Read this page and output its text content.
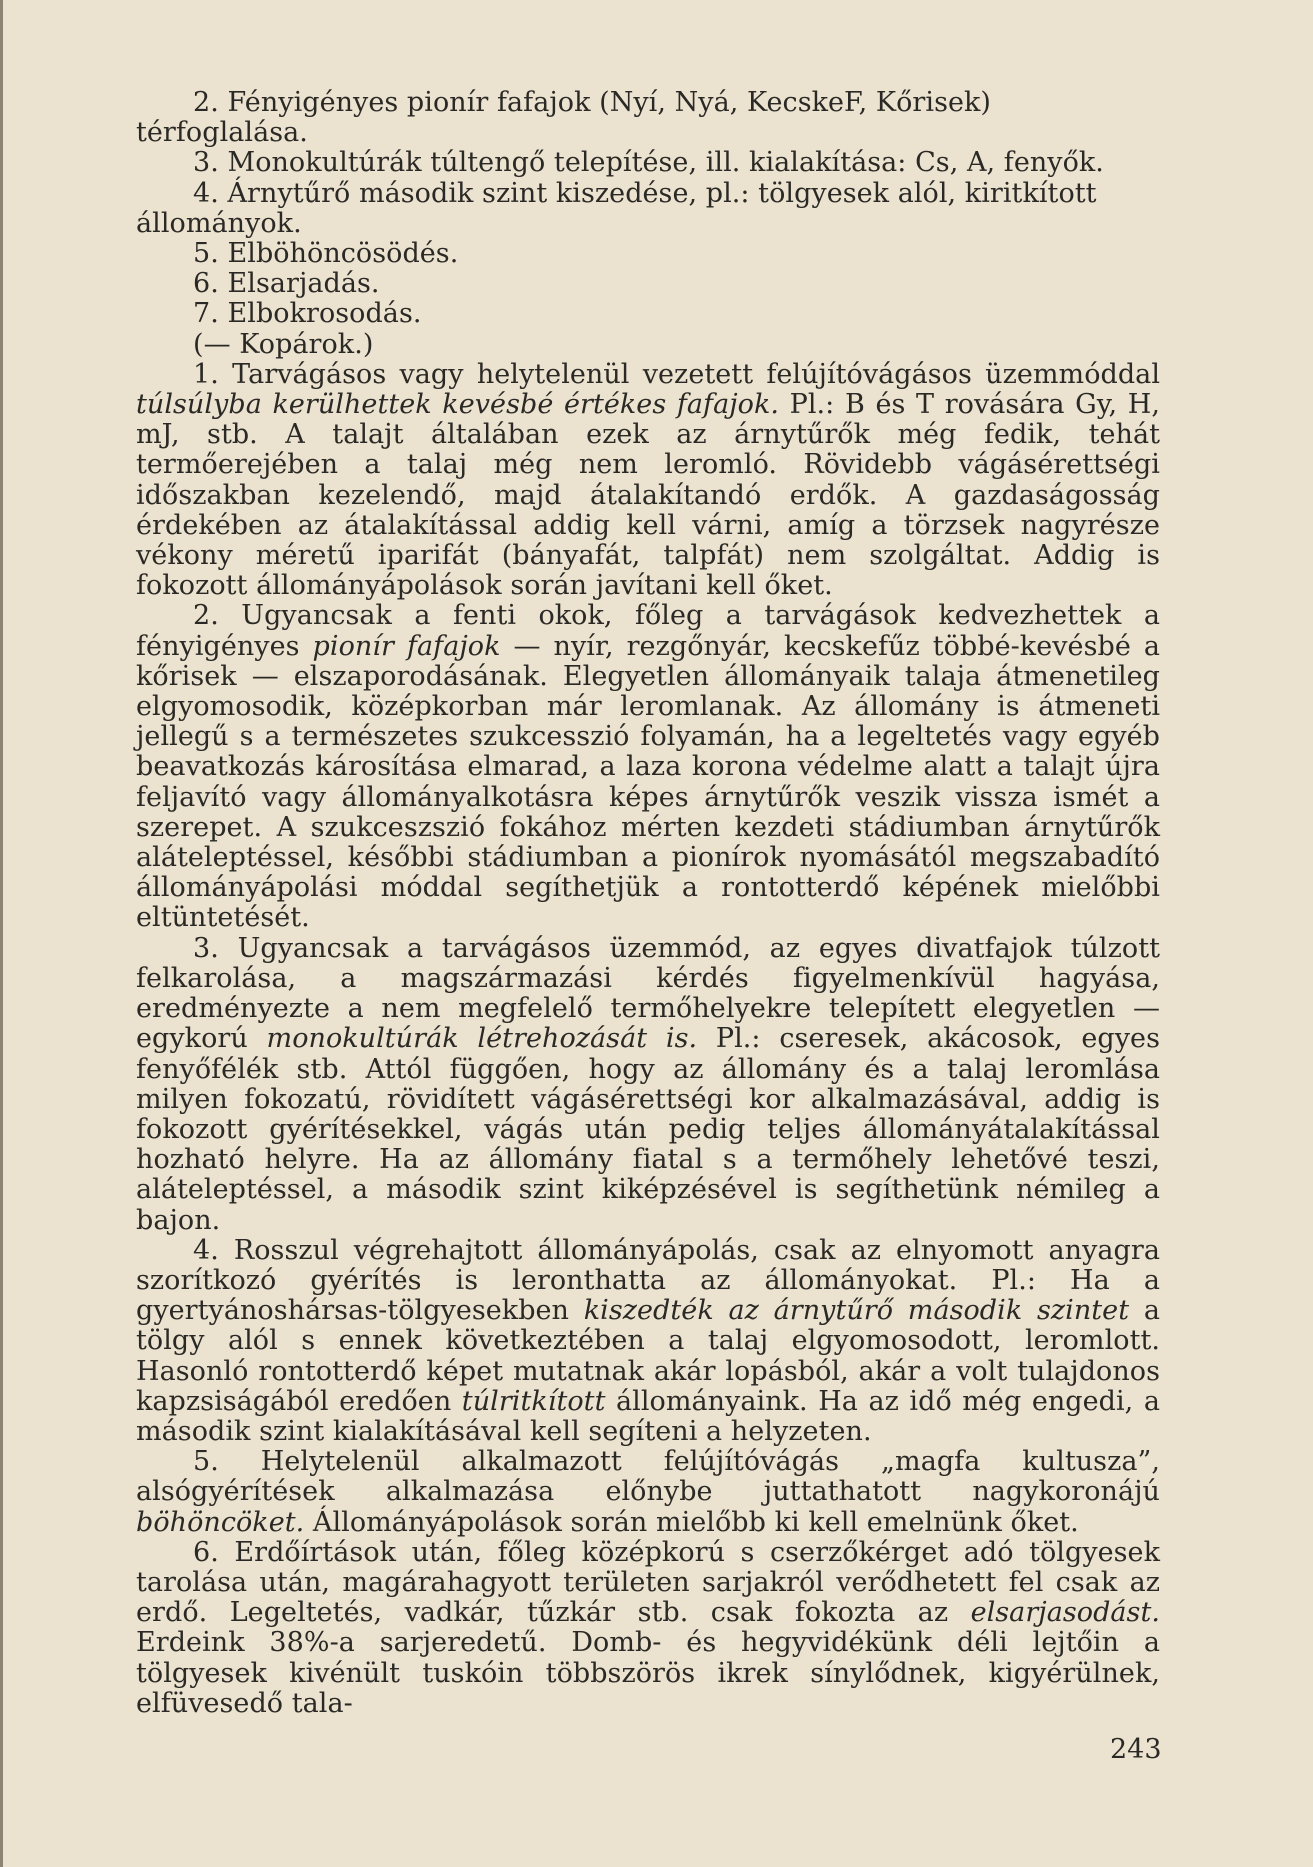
2. Fényigényes pionír fafajok (Nyí, Nyá, KecskeF, Kőrisek) térfoglalása.

3. Monokultúrák túltengő telepítése, ill. kialakítása: Cs, A, fenyők.

4. Árnytűrő második szint kiszedése, pl.: tölgyesek alól, kiritkított állományok.

5. Elböhöncösödés.

6. Elsarjadás.

7. Elbokrosodás.

(— Kopárok.)

1. Tarvágásos vagy helytelenül vezetett felújítóvágásos üzemmóddal túlsúlyba kerülhettek kevésbé értékes fafajok. Pl.: B és T rovására Gy, H, mJ, stb. A talajt általában ezek az árnytűrők még fedik, tehát termőerejében a talaj még nem leromló. Rövidebb vágásérettségi időszakban kezelendő, majd átalakítandó erdők. A gazdaságosság érdekében az átalakítással addig kell várni, amíg a törzsek nagyrésze vékony méretű iparifát (bányafát, talpfát) nem szolgáltat. Addig is fokozott állományápolások során javítani kell őket.

2. Ugyancsak a fenti okok, főleg a tarvágások kedvezhettek a fényigényes pionír fafajok — nyír, rezgőnyár, kecskefűz többé-kevésbé a kőrisek — elszaporodásának. Elegyetlen állományaik talaja átmenetileg elgyomosodik, középkorban már leromlanak. Az állomány is átmeneti jellegű s a természetes szukcesszió folyamán, ha a legeltetés vagy egyéb beavatkozás károsítása elmarad, a laza korona védelme alatt a talajt újra feljavító vagy állományalkotásra képes árnytűrők veszik vissza ismét a szerepet. A szukceszszió fokához mérten kezdeti stádiumban árnytűrők aláteleptéssel, későbbi stádiumban a pionírok nyomásától megszabadító állományápolási móddal segíthetjük a rontotterdő képének mielőbbi eltüntetését.

3. Ugyancsak a tarvágásos üzemmód, az egyes divatfajok túlzott felkarolása, a magszármazási kérdés figyelmenkívül hagyása, eredményezte a nem megfelelő termőhelyekre telepített elegyetlen — egykorú monokultúrák létrehozását is. Pl.: cseresek, akácosok, egyes fenyőfélék stb. Attól függően, hogy az állomány és a talaj leromlása milyen fokozatú, rövidített vágásérettségi kor alkalmazásával, addig is fokozott gyérítésekkel, vágás után pedig teljes állományátalakítással hozható helyre. Ha az állomány fiatal s a termőhely lehetővé teszi, aláteleptéssel, a második szint kiképzésével is segíthetünk némileg a bajon.

4. Rosszul végrehajtott állományápolás, csak az elnyomott anyagra szorítkozó gyérítés is leronthatta az állományokat. Pl.: Ha a gyertyánoshársas-tölgyesekben kiszedték az árnytűrő második szintet a tölgy alól s ennek következtében a talaj elgyomosodott, leromlott. Hasonló rontotterdő képet mutatnak akár lopásból, akár a volt tulajdonos kapzsiságából eredően túlritkított állományaink. Ha az idő még engedi, a második szint kialakításával kell segíteni a helyzeten.

5. Helytelenül alkalmazott felújítóvágás „magfa kultusza”, alsógyérítések alkalmazása előnybe juttathatott nagykoronájú böhöncöket. Állományápolások során mielőbb ki kell emelnünk őket.

6. Erdőírtások után, főleg középkorú s cserzőkérget adó tölgyesek tarolása után, magárahagyott területen sarjakról verődhetett fel csak az erdő. Legeltetés, vadkár, tűzkár stb. csak fokozta az elsarjasodást. Erdeink 38%-a sarjeredetű. Domb- és hegyvidékünk déli lejtőin a tölgyesek kivénült tuskóin többszörös ikrek sínylődnek, kigyérülnek, elfüvesedő tala-

243
